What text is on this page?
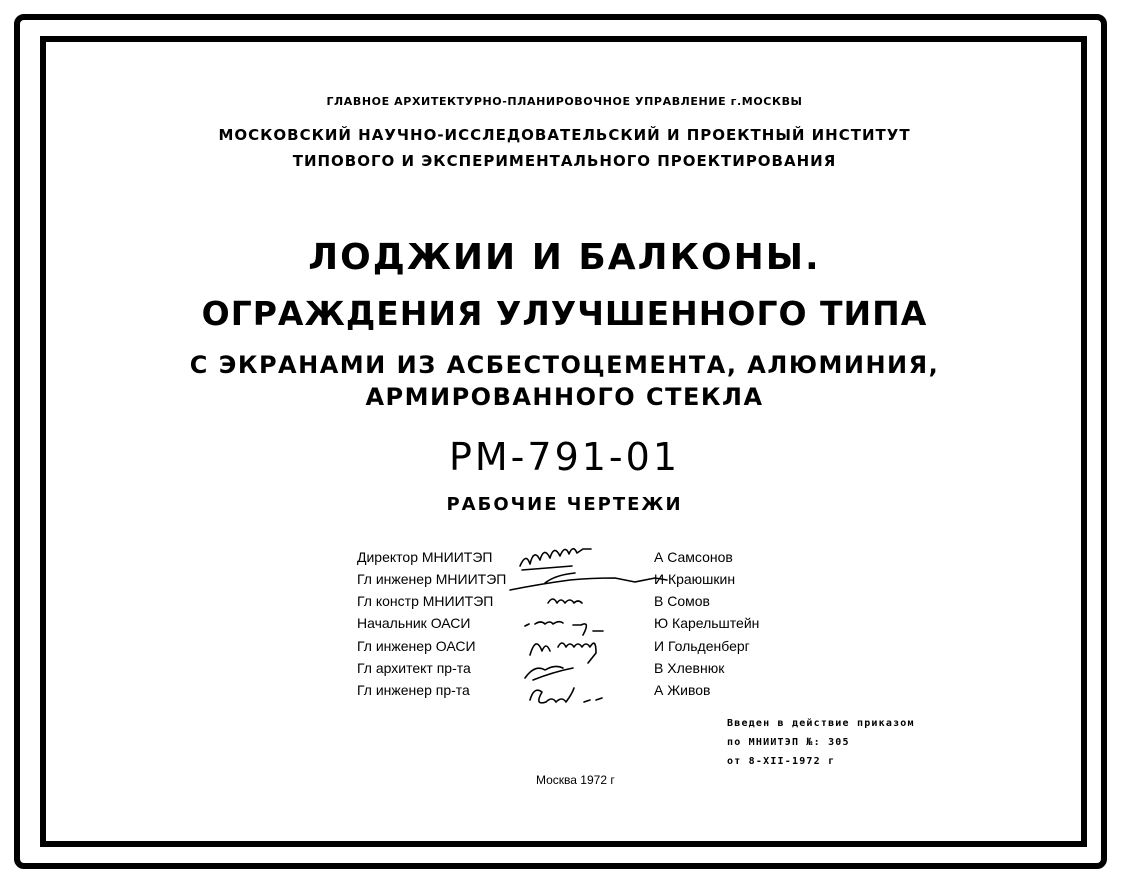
ГЛАВНОЕ АРХИТЕКТУРНО-ПЛАНИРОВОЧНОЕ УПРАВЛЕНИЕ г.МОСКВЫ
МОСКОВСКИЙ НАУЧНО-ИССЛЕДОВАТЕЛЬСКИЙ И ПРОЕКТНЫЙ ИНСТИТУТ
ТИПОВОГО И ЭКСПЕРИМЕНТАЛЬНОГО ПРОЕКТИРОВАНИЯ
ЛОДЖИИ И БАЛКОНЫ.
ОГРАЖДЕНИЯ УЛУЧШЕННОГО ТИПА
С ЭКРАНАМИ ИЗ АСБЕСТОЦЕМЕНТА, АЛЮМИНИЯ,
АРМИРОВАННОГО СТЕКЛА
РМ-791-01
РАБОЧИЕ ЧЕРТЕЖИ
Директор МНИИТЭП	А Самсонов
Гл инженер МНИИТЭП	И Краюшкин
Гл констр МНИИТЭП	В Сомов
Начальник ОАСИ	Ю Карельштейн
Гл инженер ОАСИ	И Гольденберг
Гл архитект пр-та	В Хлевнюк
Гл инженер пр-та	А Живов
Введен в действие приказом
по МНИИТЭП №: 305
от 8-XII-1972 г
Москва 1972 г
